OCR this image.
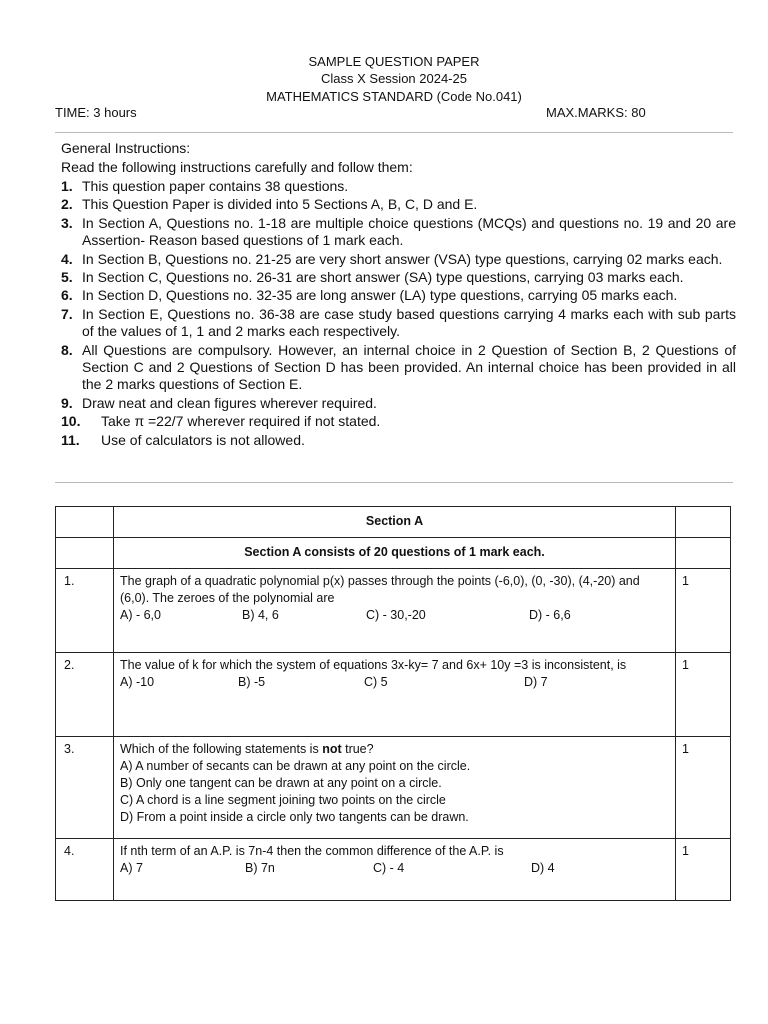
SAMPLE QUESTION PAPER
Class X Session 2024-25
MATHEMATICS STANDARD (Code No.041)
TIME: 3 hours	MAX.MARKS: 80
General Instructions:
Read the following instructions carefully and follow them:
1. This question paper contains 38 questions.
2. This Question Paper is divided into 5 Sections A, B, C, D and E.
3. In Section A, Questions no. 1-18 are multiple choice questions (MCQs) and questions no. 19 and 20 are Assertion- Reason based questions of 1 mark each.
4. In Section B, Questions no. 21-25 are very short answer (VSA) type questions, carrying 02 marks each.
5. In Section C, Questions no. 26-31 are short answer (SA) type questions, carrying 03 marks each.
6. In Section D, Questions no. 32-35 are long answer (LA) type questions, carrying 05 marks each.
7. In Section E, Questions no. 36-38 are case study based questions carrying 4 marks each with sub parts of the values of 1, 1 and 2 marks each respectively.
8. All Questions are compulsory. However, an internal choice in 2 Question of Section B, 2 Questions of Section C and 2 Questions of Section D has been provided. An internal choice has been provided in all the 2 marks questions of Section E.
9. Draw neat and clean figures wherever required.
10. Take π =22/7 wherever required if not stated.
11. Use of calculators is not allowed.
	Section A	
	Section A consists of 20 questions of 1 mark each.	
1.	The graph of a quadratic polynomial p(x) passes through the points (-6,0), (0, -30), (4,-20) and (6,0). The zeroes of the polynomial are
A) - 6,0 B) 4, 6 C) - 30,-20 D) - 6,6	1
2.	The value of k for which the system of equations 3x-ky= 7 and 6x+ 10y =3 is inconsistent, is
A) -10 B) -5 C) 5 D) 7	1
3.	Which of the following statements is not true?
A) A number of secants can be drawn at any point on the circle.
B) Only one tangent can be drawn at any point on a circle.
C) A chord is a line segment joining two points on the circle
D) From a point inside a circle only two tangents can be drawn.	1
4.	If nth term of an A.P. is 7n-4 then the common difference of the A.P. is
A) 7 B) 7n C) - 4 D) 4	1
